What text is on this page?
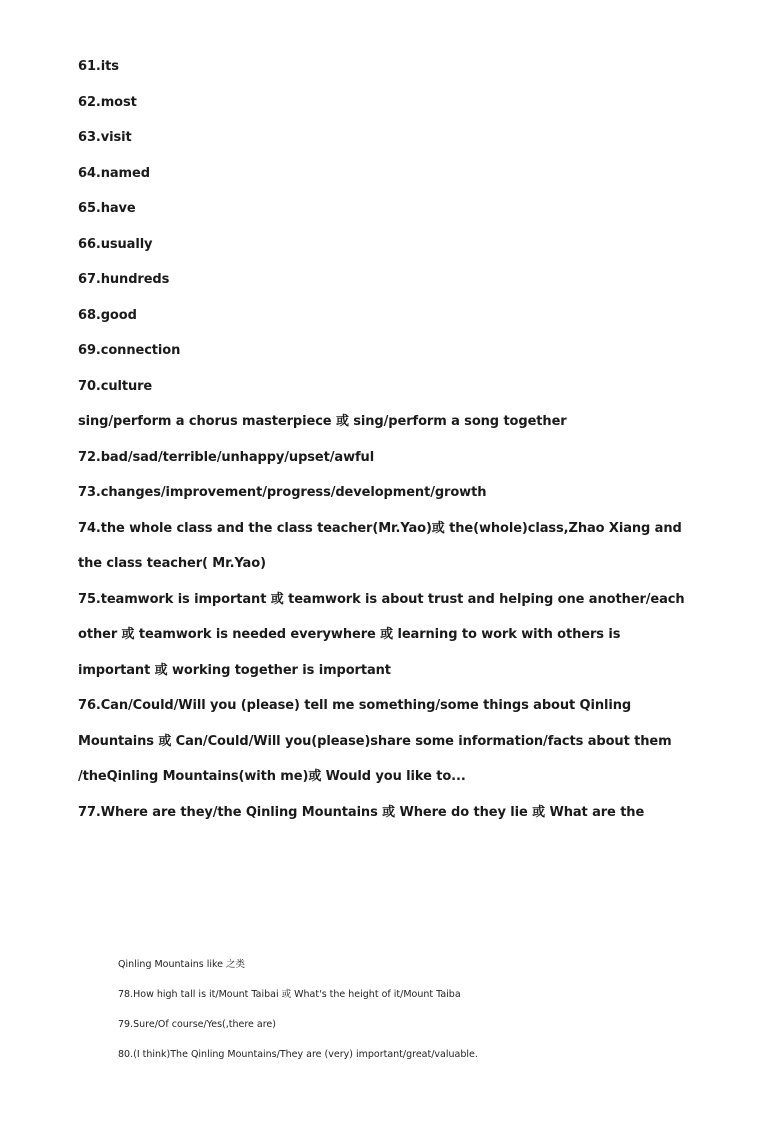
61.its
62.most
63.visit
64.named
65.have
66.usually
67.hundreds
68.good
69.connection
70.culture
sing/perform a chorus masterpiece 或 sing/perform a song together
72.bad/sad/terrible/unhappy/upset/awful
73.changes/improvement/progress/development/growth
74.the whole class and the class teacher(Mr.Yao)或 the(whole)class,Zhao Xiang and
the class teacher( Mr.Yao)
75.teamwork is important 或 teamwork is about trust and helping one another/each
other 或 teamwork is needed everywhere 或 learning to work with others is
important 或 working together is important
76.Can/Could/Will you (please) tell me something/some things about Qinling
Mountains 或 Can/Could/Will you(please)share some information/facts about them
/theQinling Mountains(with me)或 Would you like to...
77.Where are they/the Qinling Mountains 或 Where do they lie 或 What are the
Qinling Mountains like 之类
78.How high tall is it/Mount Taibai 或 What's the height of it/Mount Taiba
79.Sure/Of course/Yes(,there are)
80.(I think)The Qinling Mountains/They are (very) important/great/valuable.
